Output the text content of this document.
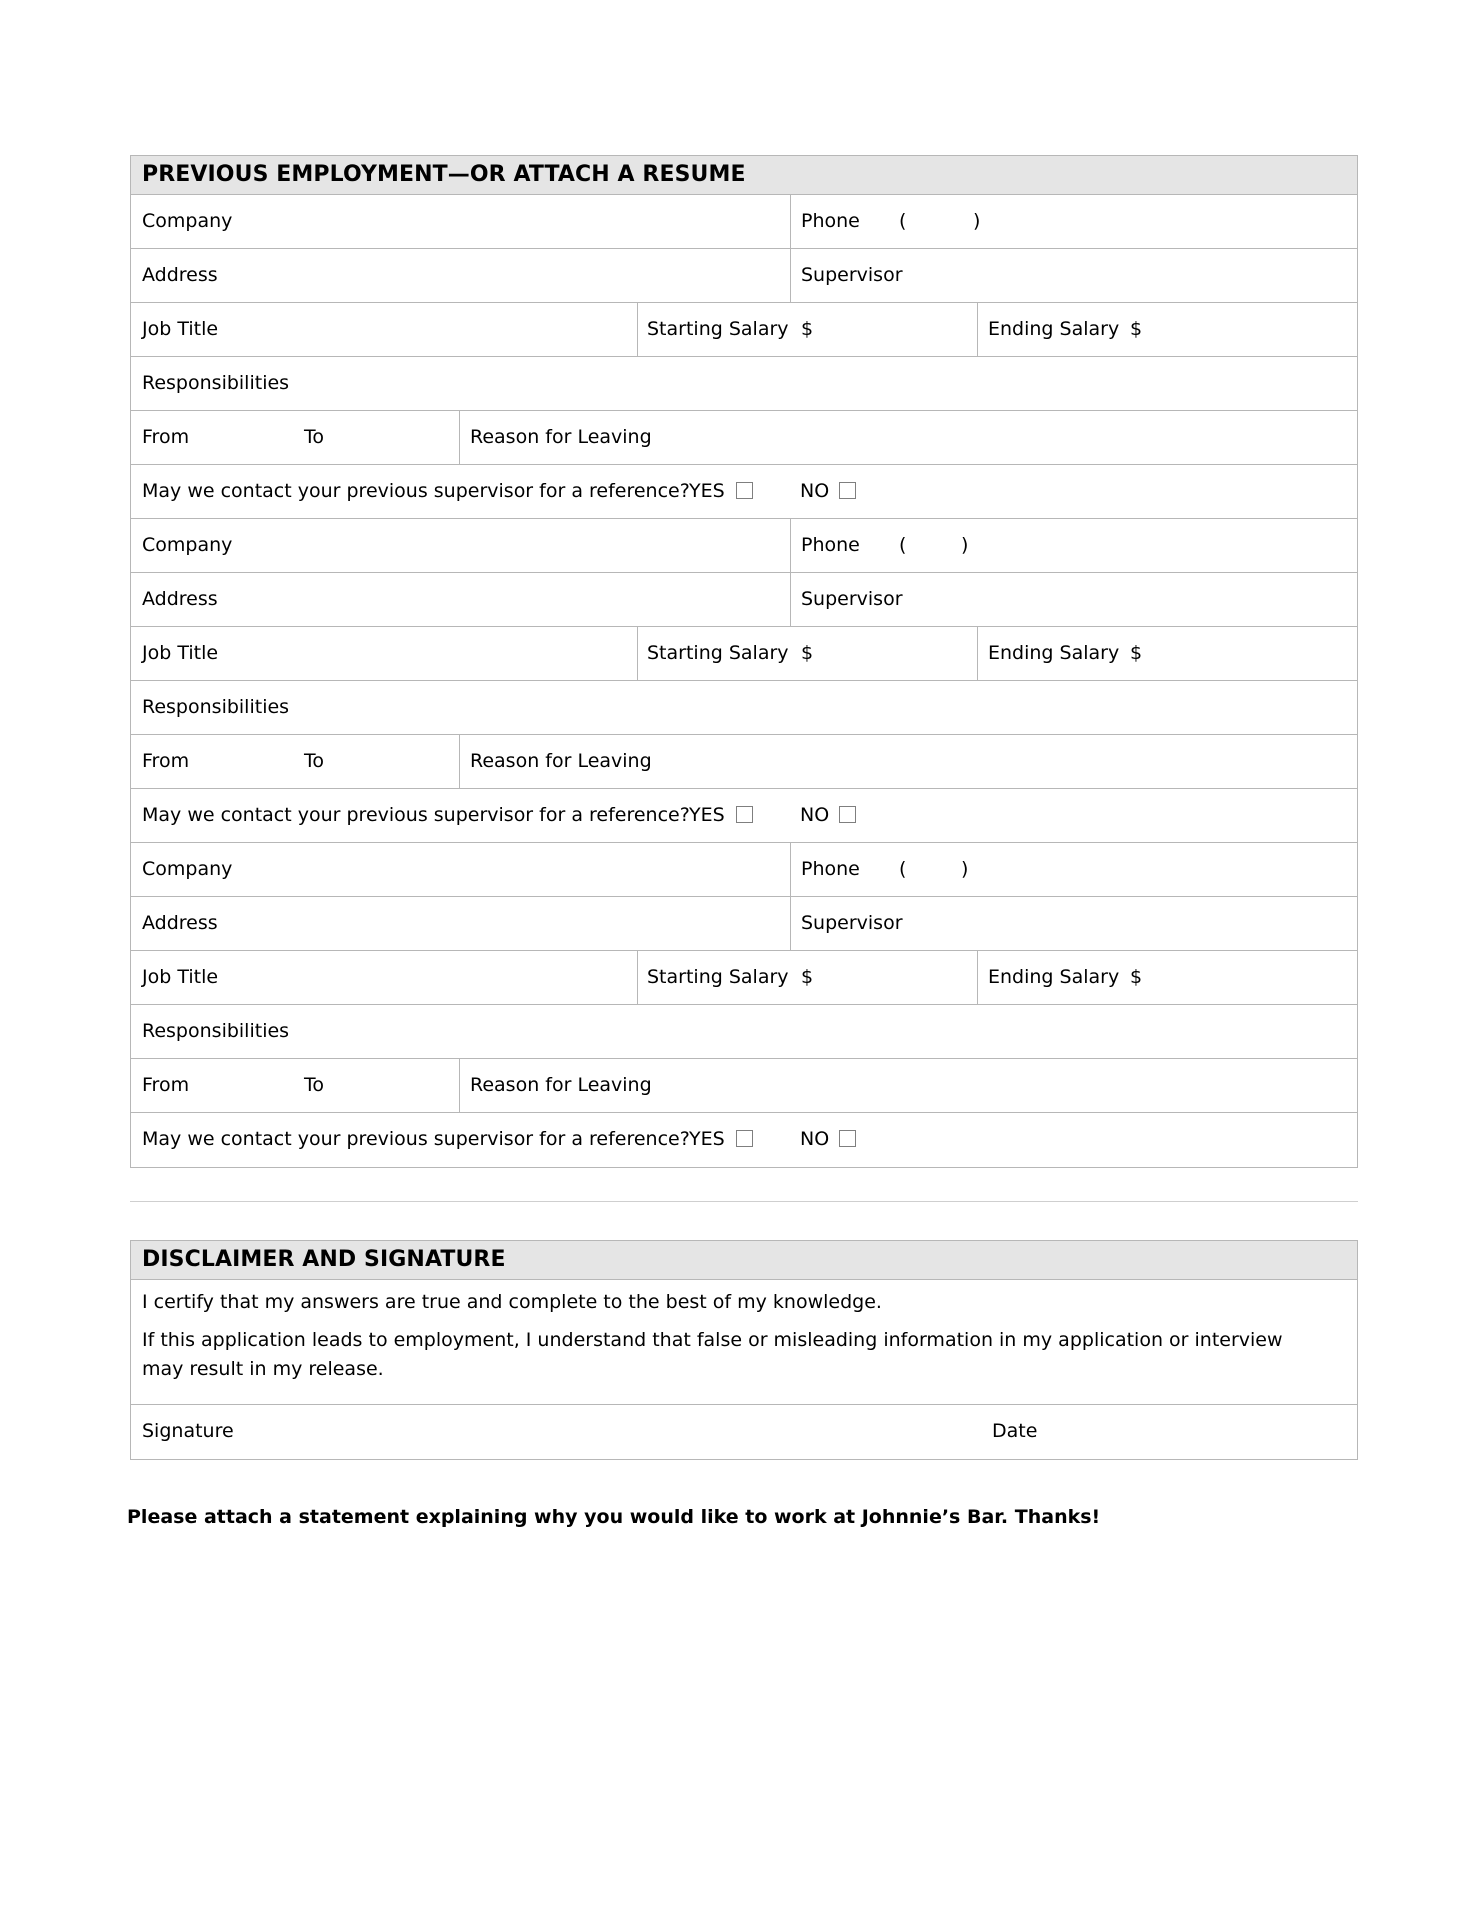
PREVIOUS EMPLOYMENT—OR ATTACH A RESUME
Company	Phone (	)
Address	Supervisor
Job Title	Starting Salary $	Ending Salary $
Responsibilities
From	To	Reason for Leaving
May we contact your previous supervisor for a reference? YES	NO
Company	Phone (	)
Address	Supervisor
Job Title	Starting Salary $	Ending Salary $
Responsibilities
From	To	Reason for Leaving
May we contact your previous supervisor for a reference? YES	NO
Company	Phone (	)
Address	Supervisor
Job Title	Starting Salary $	Ending Salary $
Responsibilities
From	To	Reason for Leaving
May we contact your previous supervisor for a reference? YES	NO
DISCLAIMER AND SIGNATURE

I certify that my answers are true and complete to the best of my knowledge.

If this application leads to employment, I understand that false or misleading information in my application or interview

may result in my release.

Signature	Date
Please attach a statement explaining why you would like to work at Johnnie’s Bar. Thanks!
